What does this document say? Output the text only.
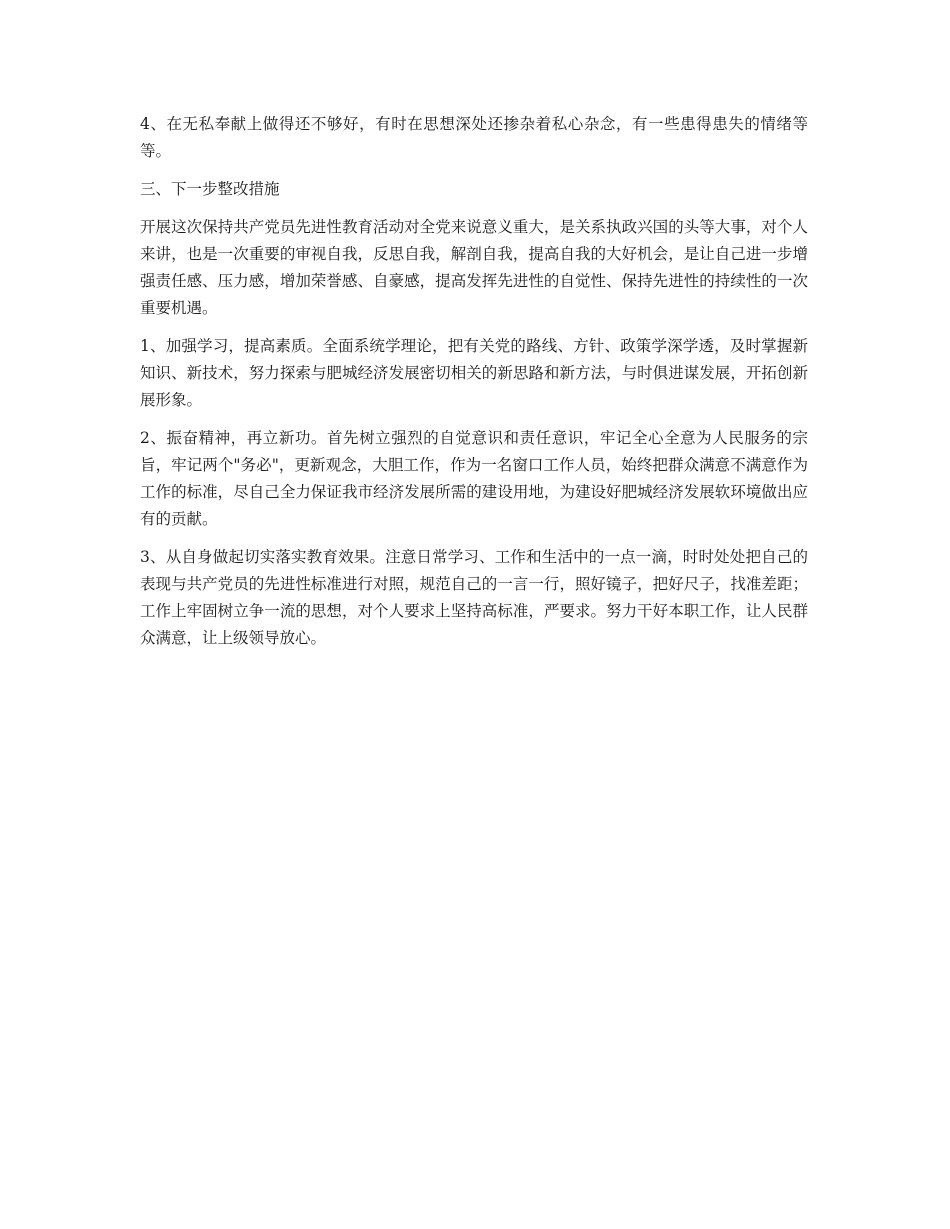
4、在无私奉献上做得还不够好，有时在思想深处还掺杂着私心杂念，有一些患得患失的情绪等等。

三、下一步整改措施

开展这次保持共产党员先进性教育活动对全党来说意义重大，是关系执政兴国的头等大事，对个人来讲，也是一次重要的审视自我，反思自我，解剖自我，提高自我的大好机会，是让自己进一步增强责任感、压力感，增加荣誉感、自豪感，提高发挥先进性的自觉性、保持先进性的持续性的一次重要机遇。

1、加强学习，提高素质。全面系统学理论，把有关党的路线、方针、政策学深学透，及时掌握新知识、新技术，努力探索与肥城经济发展密切相关的新思路和新方法，与时俱进谋发展，开拓创新展形象。

2、振奋精神，再立新功。首先树立强烈的自觉意识和责任意识，牢记全心全意为人民服务的宗旨，牢记两个"务必"，更新观念，大胆工作，作为一名窗口工作人员，始终把群众满意不满意作为工作的标准，尽自己全力保证我市经济发展所需的建设用地，为建设好肥城经济发展软环境做出应有的贡献。

3、从自身做起切实落实教育效果。注意日常学习、工作和生活中的一点一滴，时时处处把自己的表现与共产党员的先进性标准进行对照，规范自己的一言一行，照好镜子，把好尺子，找准差距；工作上牢固树立争一流的思想，对个人要求上坚持高标准，严要求。努力干好本职工作，让人民群众满意，让上级领导放心。
